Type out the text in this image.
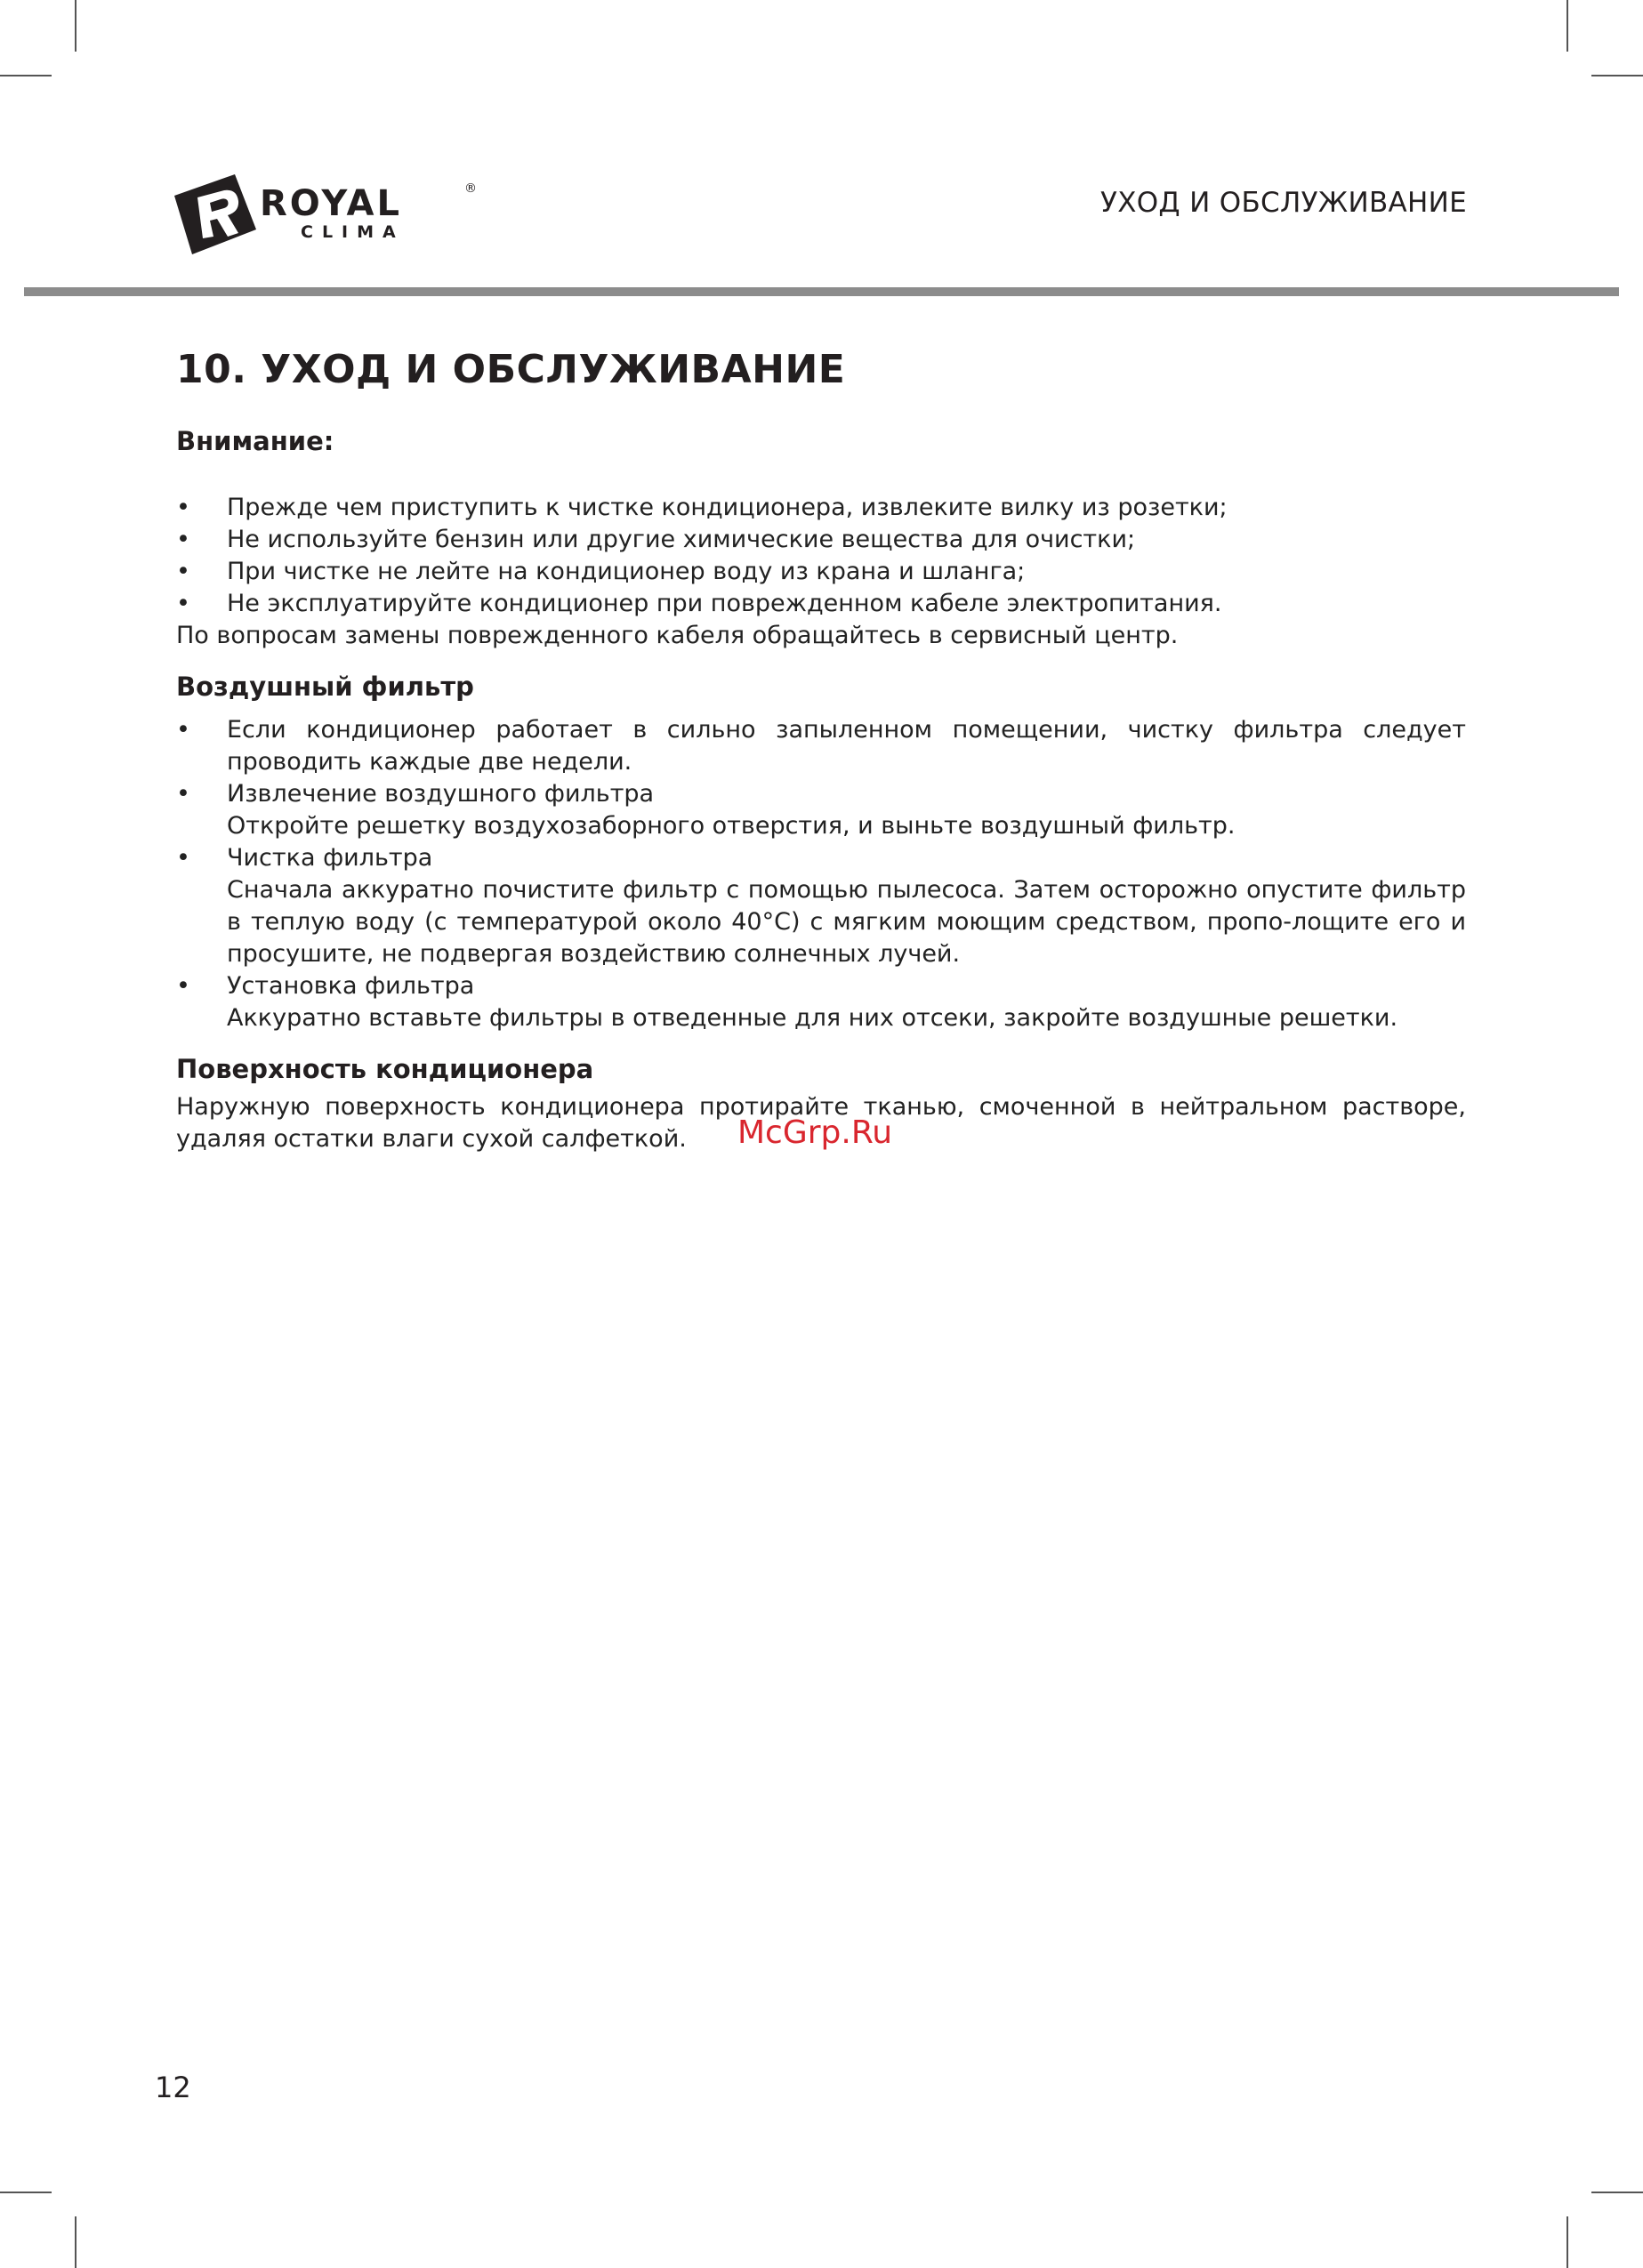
ROYAL	®
CLIMA
УХОД И ОБСЛУЖИВАНИЕ
10. УХОД И ОБСЛУЖИВАНИЕ

Внимание:

• Прежде чем приступить к чистке кондиционера, извлеките вилку из розетки;
• Не используйте бензин или другие химические вещества для очистки;
• При чистке не лейте на кондиционер воду из крана и шланга;
• Не эксплуатируйте кондиционер при поврежденном кабеле электропитания.

По вопросам замены поврежденного кабеля обращайтесь в сервисный центр.

Воздушный фильтр

• Если кондиционер работает в сильно запыленном помещении, чистку фильтра следует проводить каждые две недели.
• Извлечение воздушного фильтра
Откройте решетку воздухозаборного отверстия, и выньте воздушный фильтр.
• Чистка фильтра
Сначала аккуратно почистите фильтр с помощью пылесоса. Затем осторожно опустите фильтр в теплую воду (с температурой около 40°С) с мягким моющим средством, пропо-лощите его и просушите, не подвергая воздействию солнечных лучей.
• Установка фильтра
Аккуратно вставьте фильтры в отведенные для них отсеки, закройте воздушные решетки.

Поверхность кондиционера

Наружную поверхность кондиционера протирайте тканью, смоченной в нейтральном растворе, удаляя остатки влаги сухой салфеткой.	McGrp.Ru
12
